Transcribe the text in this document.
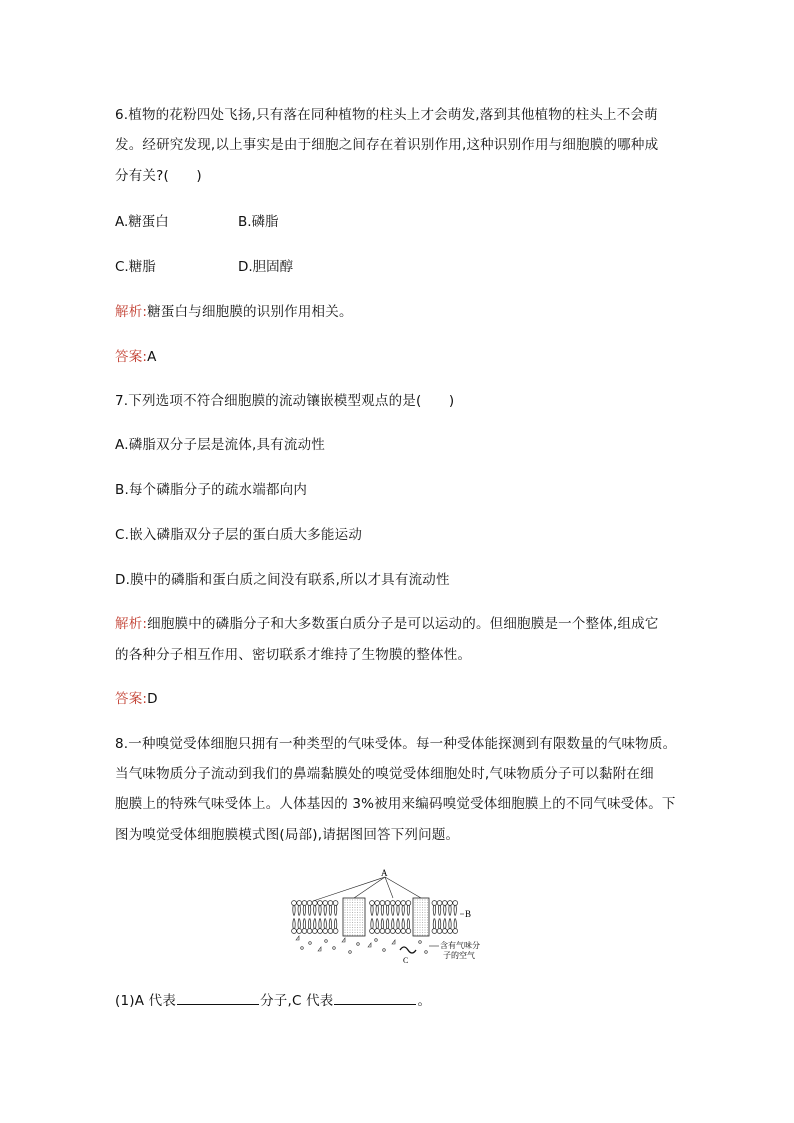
6.植物的花粉四处飞扬,只有落在同种植物的柱头上才会萌发,落到其他植物的柱头上不会萌
发。经研究发现,以上事实是由于细胞之间存在着识别作用,这种识别作用与细胞膜的哪种成
分有关?(　　)
A.糖蛋白	B.磷脂
C.糖脂	D.胆固醇
解析:糖蛋白与细胞膜的识别作用相关。
答案:A
7.下列选项不符合细胞膜的流动镶嵌模型观点的是(　　)
A.磷脂双分子层是流体,具有流动性
B.每个磷脂分子的疏水端都向内
C.嵌入磷脂双分子层的蛋白质大多能运动
D.膜中的磷脂和蛋白质之间没有联系,所以才具有流动性
解析:细胞膜中的磷脂分子和大多数蛋白质分子是可以运动的。但细胞膜是一个整体,组成它
的各种分子相互作用、密切联系才维持了生物膜的整体性。
答案:D
8.一种嗅觉受体细胞只拥有一种类型的气味受体。每一种受体能探测到有限数量的气味物质。
当气味物质分子流动到我们的鼻端黏膜处的嗅觉受体细胞处时,气味物质分子可以黏附在细
胞膜上的特殊气味受体上。人体基因的 3%被用来编码嗅觉受体细胞膜上的不同气味受体。下
图为嗅觉受体细胞膜模式图(局部),请据图回答下列问题。
A
B
C
含有气味分
子的空气
(1)A 代表	分子,C 代表	。
